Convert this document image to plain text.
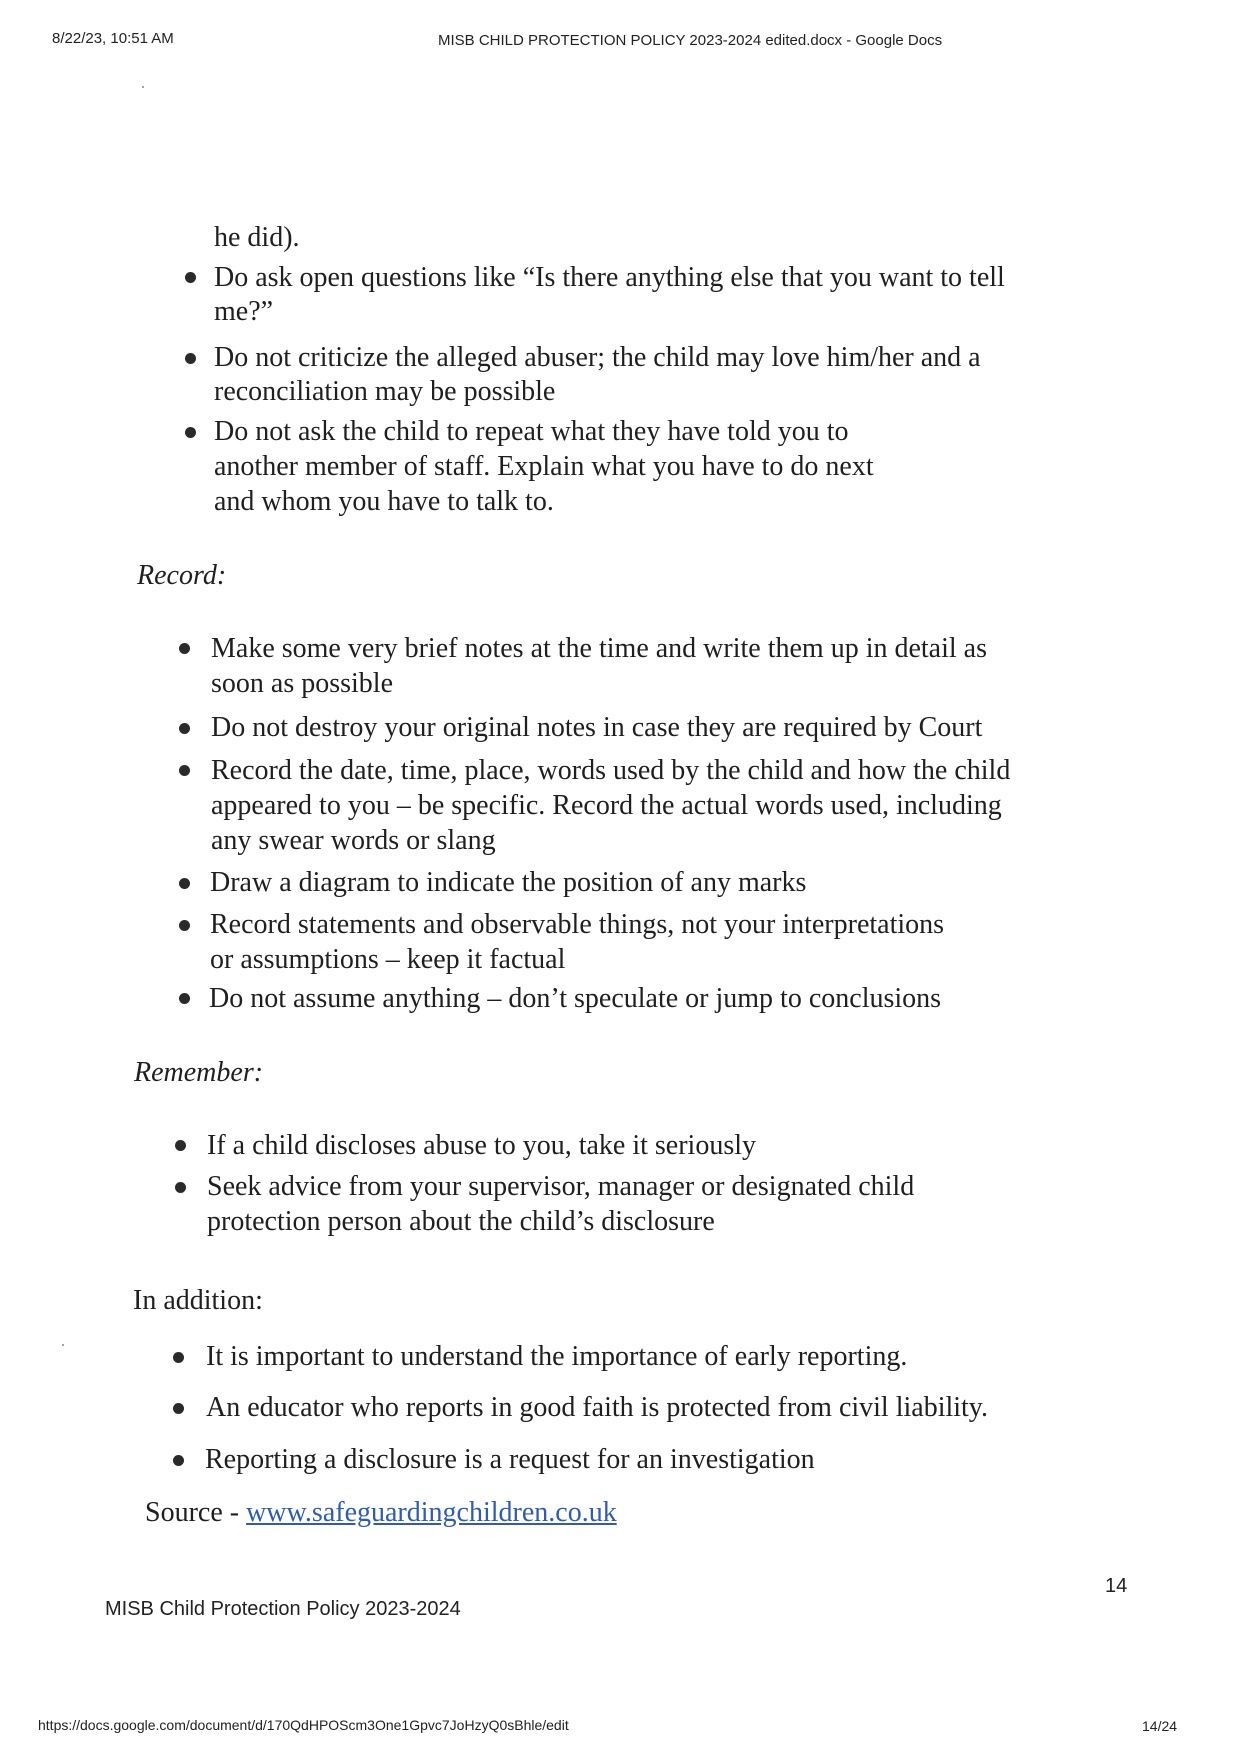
8/22/23, 10:51 AM	MISB CHILD PROTECTION POLICY 2023-2024 edited.docx - Google Docs
he did).
Do ask open questions like “Is there anything else that you want to tell
me?”
Do not criticize the alleged abuser; the child may love him/her and a
reconciliation may be possible
Do not ask the child to repeat what they have told you to
another member of staff. Explain what you have to do next
and whom you have to talk to.
Record:
Make some very brief notes at the time and write them up in detail as
soon as possible
Do not destroy your original notes in case they are required by Court
Record the date, time, place, words used by the child and how the child
appeared to you – be specific. Record the actual words used, including
any swear words or slang
Draw a diagram to indicate the position of any marks
Record statements and observable things, not your interpretations
or assumptions – keep it factual
Do not assume anything – don’t speculate or jump to conclusions
Remember:
If a child discloses abuse to you, take it seriously
Seek advice from your supervisor, manager or designated child
protection person about the child’s disclosure
In addition:
It is important to understand the importance of early reporting.
An educator who reports in good faith is protected from civil liability.
Reporting a disclosure is a request for an investigation
Source - www.safeguardingchildren.co.uk
14
MISB Child Protection Policy 2023-2024
https://docs.google.com/document/d/170QdHPOScm3One1Gpvc7JoHzyQ0sBhle/edit	14/24
